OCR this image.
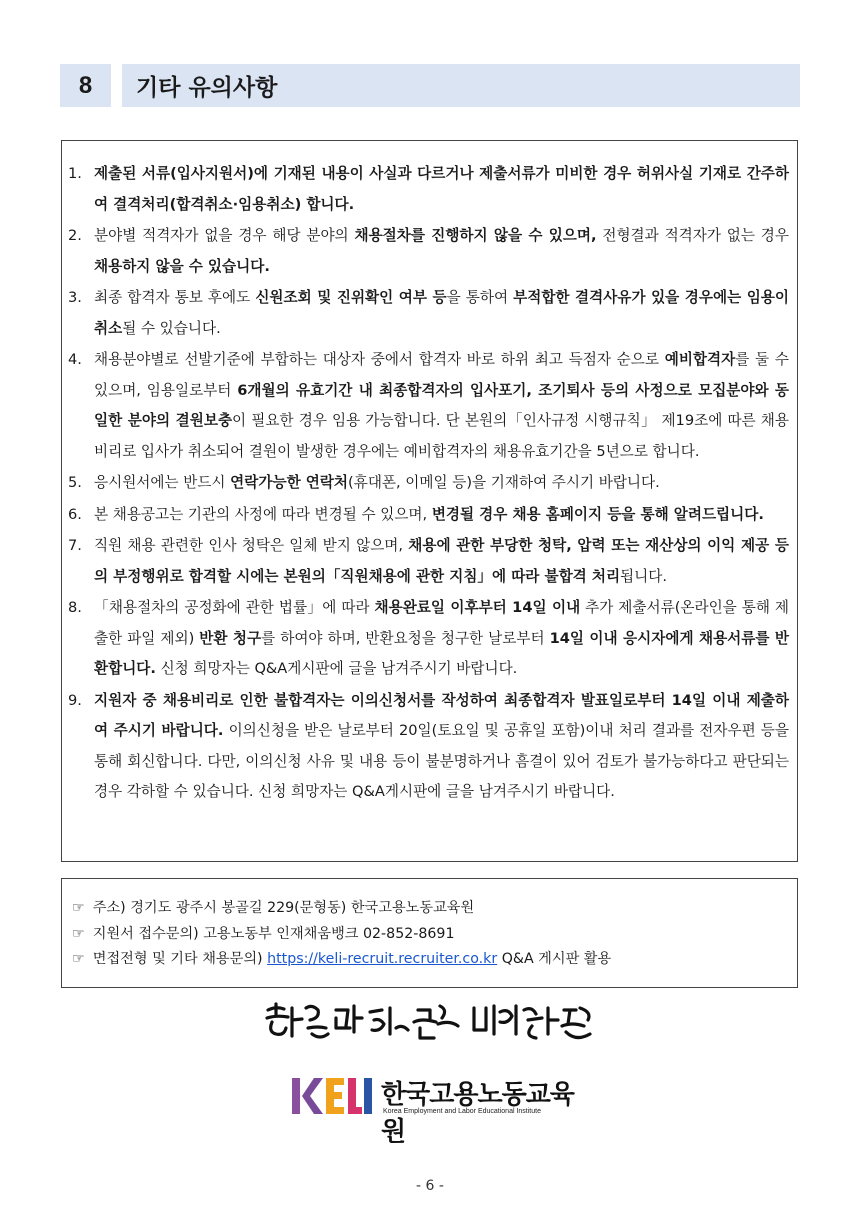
8	기타 유의사항
1. 제출된 서류(입사지원서)에 기재된 내용이 사실과 다르거나 제출서류가 미비한 경우 허위사실 기재로 간주하여 결격처리(합격취소·임용취소) 합니다.
2. 분야별 적격자가 없을 경우 해당 분야의 채용절차를 진행하지 않을 수 있으며, 전형결과 적격자가 없는 경우 채용하지 않을 수 있습니다.
3. 최종 합격자 통보 후에도 신원조회 및 진위확인 여부 등을 통하여 부적합한 결격사유가 있을 경우에는 임용이 취소될 수 있습니다.
4. 채용분야별로 선발기준에 부합하는 대상자 중에서 합격자 바로 하위 최고 득점자 순으로 예비합격자를 둘 수 있으며, 임용일로부터 6개월의 유효기간 내 최종합격자의 입사포기, 조기퇴사 등의 사정으로 모집분야와 동일한 분야의 결원보충이 필요한 경우 임용 가능합니다. 단 본원의「인사규정 시행규칙」 제19조에 따른 채용비리로 입사가 취소되어 결원이 발생한 경우에는 예비합격자의 채용유효기간을 5년으로 합니다.
5. 응시원서에는 반드시 연락가능한 연락처(휴대폰, 이메일 등)을 기재하여 주시기 바랍니다.
6. 본 채용공고는 기관의 사정에 따라 변경될 수 있으며, 변경될 경우 채용 홈페이지 등을 통해 알려드립니다.
7. 직원 채용 관련한 인사 청탁은 일체 받지 않으며, 채용에 관한 부당한 청탁, 압력 또는 재산상의 이익 제공 등의 부정행위로 합격할 시에는 본원의「직원채용에 관한 지침」에 따라 불합격 처리됩니다.
8. 「채용절차의 공정화에 관한 법률」에 따라 채용완료일 이후부터 14일 이내 추가 제출서류(온라인을 통해 제출한 파일 제외) 반환 청구를 하여야 하며, 반환요청을 청구한 날로부터 14일 이내 응시자에게 채용서류를 반환합니다. 신청 희망자는 Q&A게시판에 글을 남겨주시기 바랍니다.
9. 지원자 중 채용비리로 인한 불합격자는 이의신청서를 작성하여 최종합격자 발표일로부터 14일 이내 제출하여 주시기 바랍니다. 이의신청을 받은 날로부터 20일(토요일 및 공휴일 포함)이내 처리 결과를 전자우편 등을 통해 회신합니다. 다만, 이의신청 사유 및 내용 등이 불분명하거나 흠결이 있어 검토가 불가능하다고 판단되는 경우 각하할 수 있습니다. 신청 희망자는 Q&A게시판에 글을 남겨주시기 바랍니다.
☞ 주소) 경기도 광주시 봉골길 229(문형동) 한국고용노동교육원
☞ 지원서 접수문의) 고용노동부 인재채움뱅크 02-852-8691
☞ 면접전형 및 기타 채용문의) https://keli-recruit.recruiter.co.kr Q&A 게시판 활용
한국고용노동교육원
Korea Employment and Labor Educational Institute
- 6 -
